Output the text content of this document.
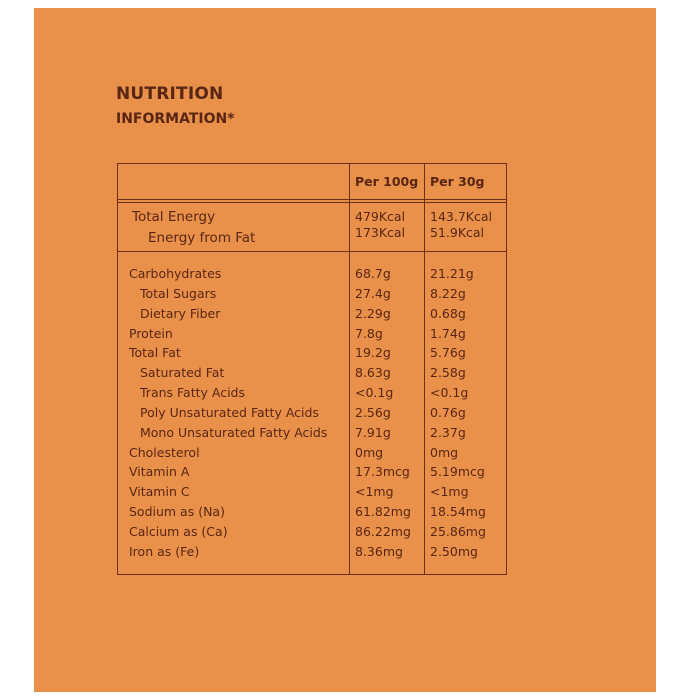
NUTRITION
INFORMATION*
Per 100g Per 30g
Total Energy	479Kcal 143.7Kcal
Energy from Fat	173Kcal 51.9Kcal
Carbohydrates	68.7g	21.21g
Total Sugars	27.4g	8.22g
Dietary Fiber	2.29g	0.68g
Protein	7.8g	1.74g
Total Fat	19.2g	5.76g
Saturated Fat	8.63g	2.58g
Trans Fatty Acids	<0.1g	<0.1g
Poly Unsaturated Fatty Acids	2.56g	0.76g
Mono Unsaturated Fatty Acids 7.91g	2.37g
Cholesterol	0mg	0mg
Vitamin A	17.3mcg 5.19mcg
Vitamin C	<1mg	<1mg
Sodium as (Na)	61.82mg 18.54mg
Calcium as (Ca)	86.22mg 25.86mg
Iron as (Fe)	8.36mg 2.50mg
